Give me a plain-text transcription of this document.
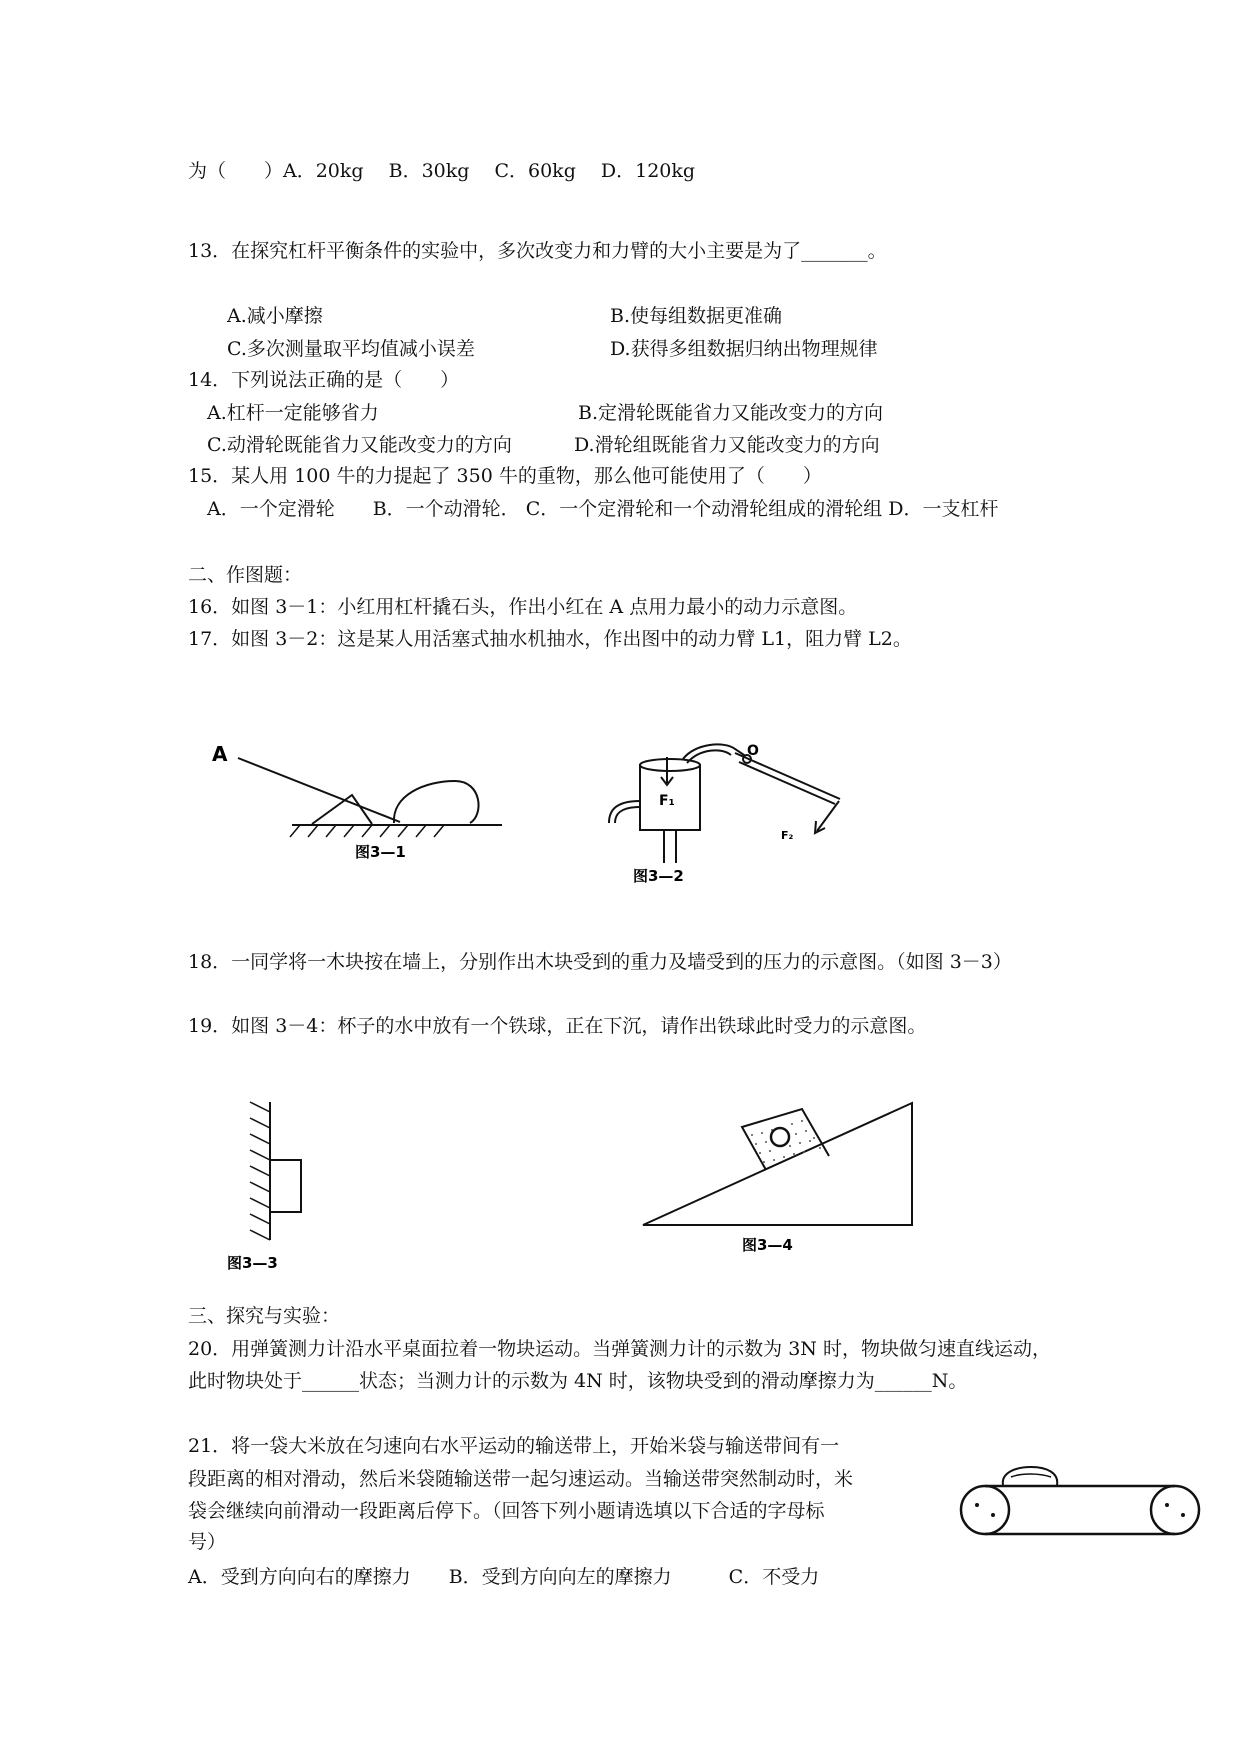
为（　　）A．20kg　 B．30kg　 C．60kg　 D．120kg
13．在探究杠杆平衡条件的实验中，多次改变力和力臂的大小主要是为了_______。
A.减小摩擦	B.使每组数据更准确
C.多次测量取平均值减小误差	D.获得多组数据归纳出物理规律
14．下列说法正确的是（　　）
A.杠杆一定能够省力	B.定滑轮既能省力又能改变力的方向
C.动滑轮既能省力又能改变力的方向	D.滑轮组既能省力又能改变力的方向
15．某人用 100 牛的力提起了 350 牛的重物，那么他可能使用了（　　）
A．一个定滑轮　　B．一个动滑轮． C．一个定滑轮和一个动滑轮组成的滑轮组 D．一支杠杆
二、作图题：
16．如图 3－1：小红用杠杆撬石头，作出小红在 A 点用力最小的动力示意图。
17．如图 3－2：这是某人用活塞式抽水机抽水，作出图中的动力臂 L1，阻力臂 L2。
A
图3—1
F₁
O
F₂
图3—2
18．一同学将一木块按在墙上，分别作出木块受到的重力及墙受到的压力的示意图。（如图 3－3）
19．如图 3－4：杯子的水中放有一个铁球，正在下沉，请作出铁球此时受力的示意图。
图3—3
图3—4
三、探究与实验：
20．用弹簧测力计沿水平桌面拉着一物块运动。当弹簧测力计的示数为 3N 时，物块做匀速直线运动，
此时物块处于______状态；当测力计的示数为 4N 时，该物块受到的滑动摩擦力为______N。
21．将一袋大米放在匀速向右水平运动的输送带上，开始米袋与输送带间有一
段距离的相对滑动，然后米袋随输送带一起匀速运动。当输送带突然制动时，米
袋会继续向前滑动一段距离后停下。（回答下列小题请选填以下合适的字母标
号）
A．受到方向向右的摩擦力　　B．受到方向向左的摩擦力　　　C．不受力
